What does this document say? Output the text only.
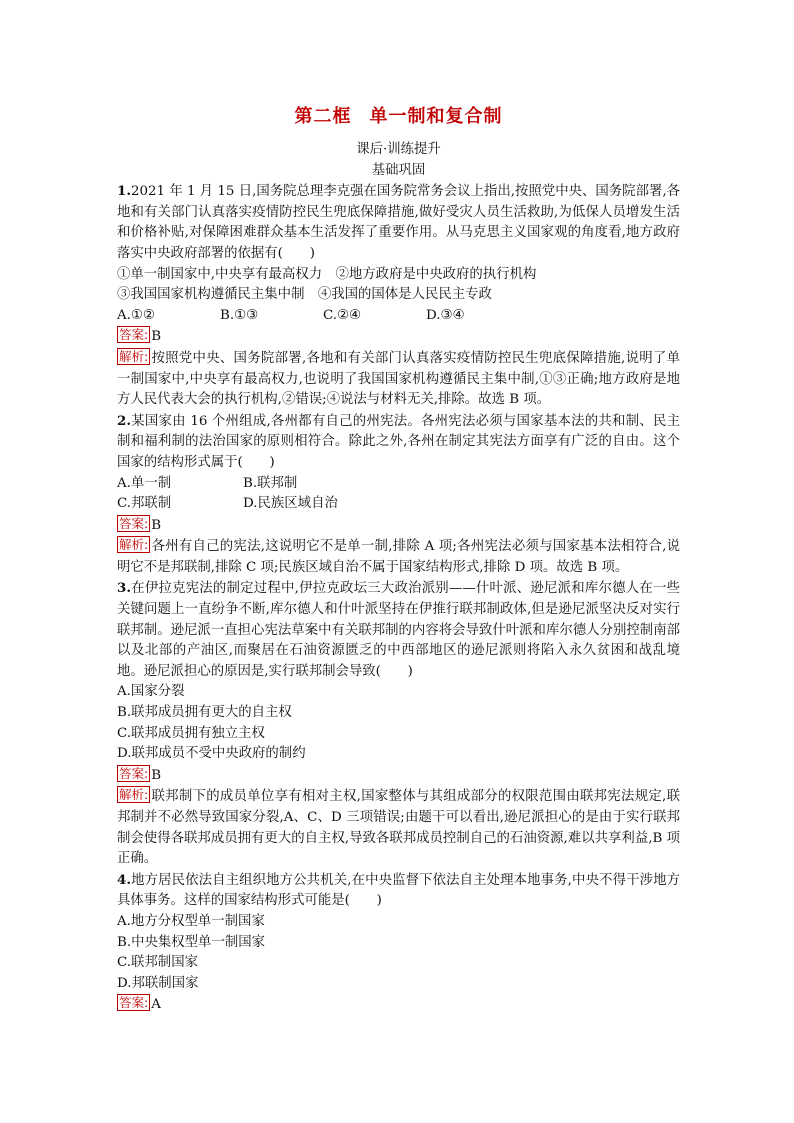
第二框 单一制和复合制
课后·训练提升
基础巩固

1.2021 年 1 月 15 日,国务院总理李克强在国务院常务会议上指出,按照党中央、国务院部署,各地和有关部门认真落实疫情防控民生兜底保障措施,做好受灾人员生活救助,为低保人员增发生活和价格补贴,对保障困难群众基本生活发挥了重要作用。从马克思主义国家观的角度看,地方政府落实中央政府部署的依据有(　　)

①单一制国家中,中央享有最高权力　②地方政府是中央政府的执行机构

③我国国家机构遵循民主集中制　④我国的国体是人民民主专政

A.①②	B.①③	C.②④	D.③④
答案: B

解析: 按照党中央、国务院部署,各地和有关部门认真落实疫情防控民生兜底保障措施,说明了单一制国家中,中央享有最高权力,也说明了我国国家机构遵循民主集中制,①③正确;地方政府是地方人民代表大会的执行机构,②错误;④说法与材料无关,排除。故选 B 项。

2.某国家由 16 个州组成,各州都有自己的州宪法。各州宪法必须与国家基本法的共和制、民主制和福利制的法治国家的原则相符合。除此之外,各州在制定其宪法方面享有广泛的自由。这个国家的结构形式属于(　　)

A.单一制	B.联邦制
C.邦联制	D.民族区域自治
答案: B

解析: 各州有自己的宪法,这说明它不是单一制,排除 A 项;各州宪法必须与国家基本法相符合,说明它不是邦联制,排除 C 项;民族区域自治不属于国家结构形式,排除 D 项。故选 B 项。

3.在伊拉克宪法的制定过程中,伊拉克政坛三大政治派别——什叶派、逊尼派和库尔德人在一些关键问题上一直纷争不断,库尔德人和什叶派坚持在伊推行联邦制政体,但是逊尼派坚决反对实行联邦制。逊尼派一直担心宪法草案中有关联邦制的内容将会导致什叶派和库尔德人分别控制南部以及北部的产油区,而聚居在石油资源匮乏的中西部地区的逊尼派则将陷入永久贫困和战乱境地。逊尼派担心的原因是,实行联邦制会导致(　　)

A.国家分裂

B.联邦成员拥有更大的自主权

C.联邦成员拥有独立主权

D.联邦成员不受中央政府的制约

答案: B

解析: 联邦制下的成员单位享有相对主权,国家整体与其组成部分的权限范围由联邦宪法规定,联邦制并不必然导致国家分裂,A、C、D 三项错误;由题干可以看出,逊尼派担心的是由于实行联邦制会使得各联邦成员拥有更大的自主权,导致各联邦成员控制自己的石油资源,难以共享利益,B 项正确。

4.地方居民依法自主组织地方公共机关,在中央监督下依法自主处理本地事务,中央不得干涉地方具体事务。这样的国家结构形式可能是(　　)

A.地方分权型单一制国家

B.中央集权型单一制国家

C.联邦制国家

D.邦联制国家

答案: A
